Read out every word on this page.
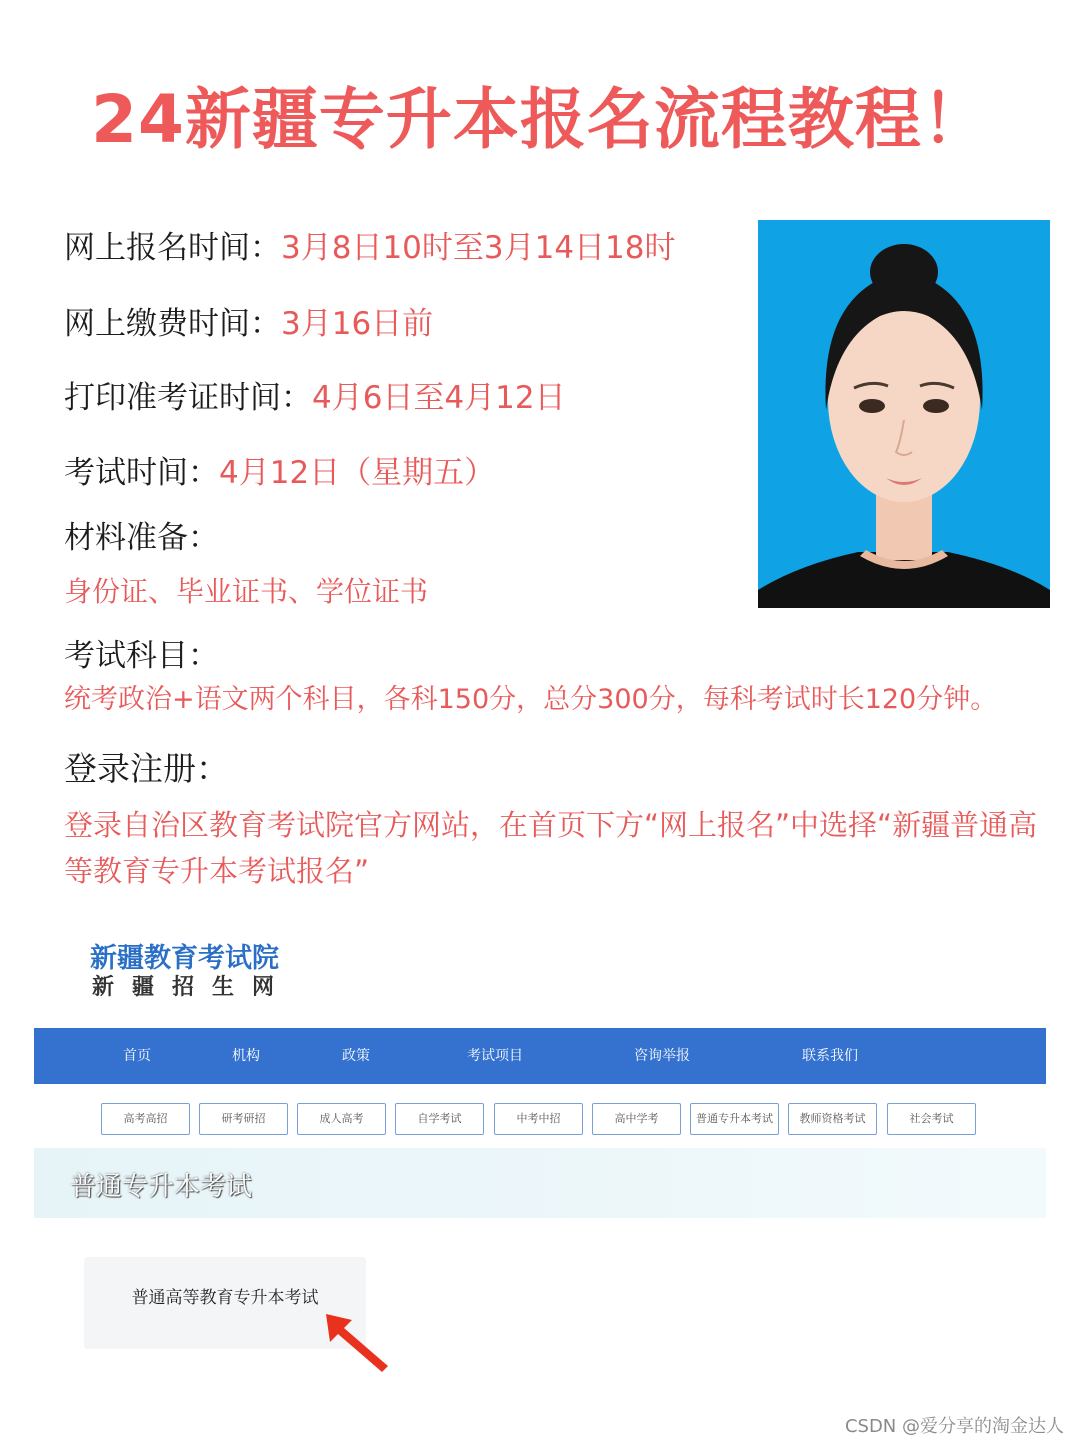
24新疆专升本报名流程教程！
网上报名时间：3月8日10时至3月14日18时
网上缴费时间：3月16日前
打印准考证时间：4月6日至4月12日
考试时间：4月12日（星期五）
材料准备：
身份证、毕业证书、学位证书
考试科目：
统考政治+语文两个科目，各科150分，总分300分，每科考试时长120分钟。
登录注册：
登录自治区教育考试院官方网站，在首页下方“网上报名”中选择“新疆普通高等教育专升本考试报名”
新疆教育考试院
新疆招生网
首页	机构	政策	考试项目	咨询举报	联系我们
高考高招	研考研招	成人高考	自学考试	中考中招	高中学考	普通专升本考试	教师资格考试	社会考试
普通专升本考试
普通高等教育专升本考试
CSDN @爱分享的淘金达人
